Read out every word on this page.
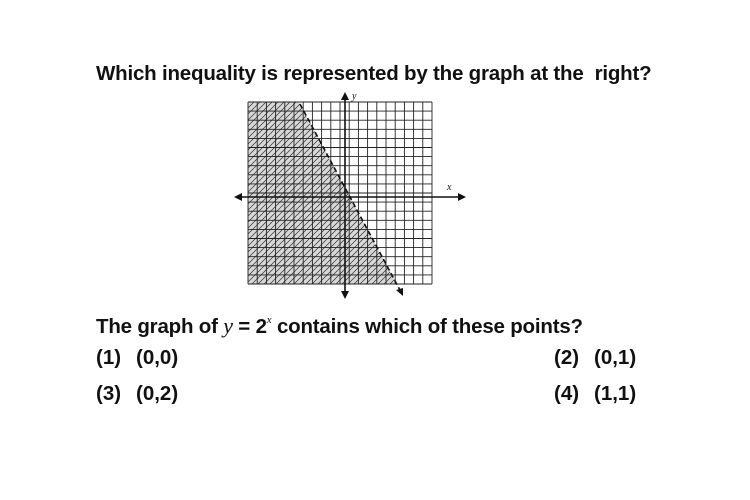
Which inequality is represented by the graph at the  right?
y
x
The graph of $y = 2^x$ contains which of these points?
(1) (0,0)	(2) (0,1)
(3) (0,2)	(4) (1,1)
